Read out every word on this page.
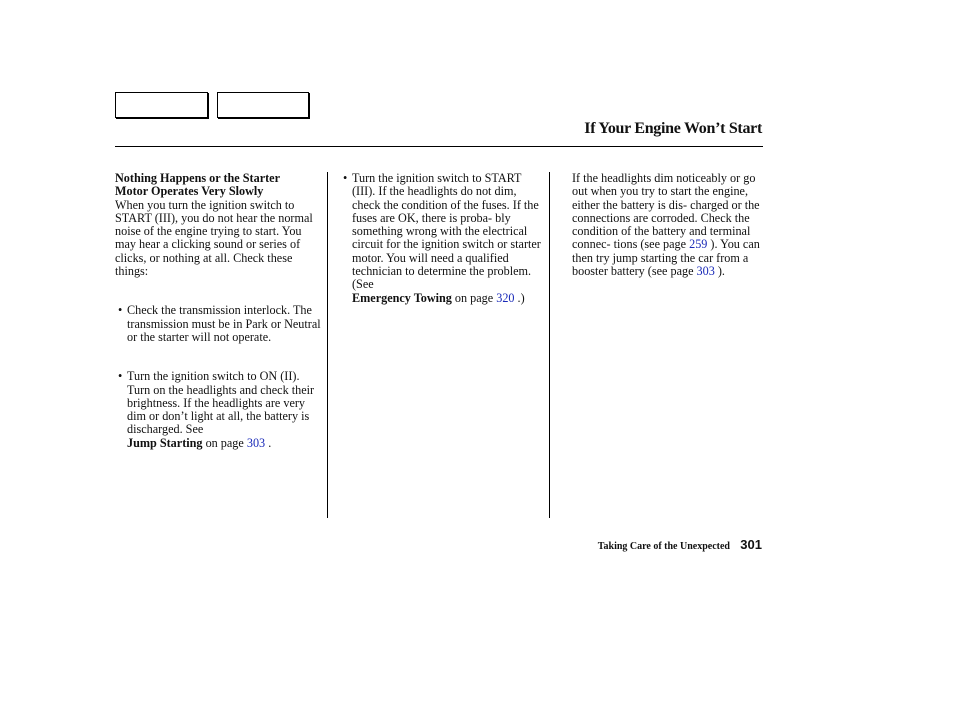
If Your Engine Won’t Start
Nothing Happens or the Starter
Motor Operates Very Slowly

When you turn the ignition switch to START (III), you do not hear the normal noise of the engine trying to start. You may hear a clicking sound or series of clicks, or nothing at all. Check these things:

• Check the transmission interlock. The transmission must be in Park or Neutral or the starter will not operate.

• Turn the ignition switch to ON (II). Turn on the headlights and check their brightness. If the headlights are very dim or don’t light at all, the battery is discharged. See
Jump Starting on page 303 .

• Turn the ignition switch to START (III). If the headlights do not dim, check the condition of the fuses. If the fuses are OK, there is proba- bly something wrong with the electrical circuit for the ignition switch or starter motor. You will need a qualified technician to determine the problem. (See
Emergency Towing on page 320 .)

If the headlights dim noticeably or go out when you try to start the engine, either the battery is dis- charged or the connections are corroded. Check the condition of the battery and terminal connec- tions (see page 259 ). You can then try jump starting the car from a booster battery (see page 303 ).

Taking Care of the Unexpected 301
